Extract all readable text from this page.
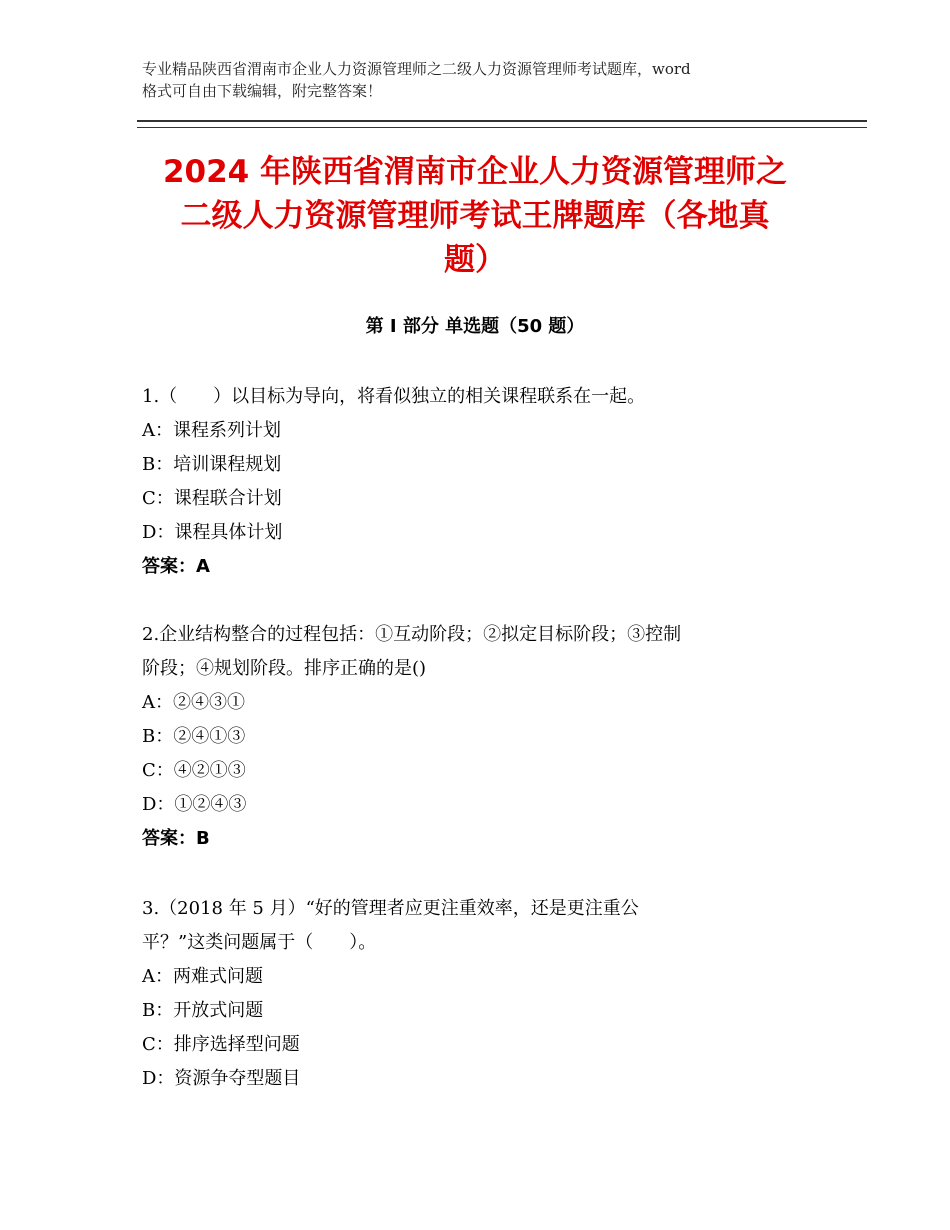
专业精品陕西省渭南市企业人力资源管理师之二级人力资源管理师考试题库，word
格式可自由下载编辑，附完整答案！
2024 年陕西省渭南市企业人力资源管理师之
二级人力资源管理师考试王牌题库（各地真
题）
第 I 部分 单选题（50 题）
1.（　　）以目标为导向，将看似独立的相关课程联系在一起。
A：课程系列计划
B：培训课程规划
C：课程联合计划
D：课程具体计划
答案：A
2.企业结构整合的过程包括：①互动阶段；②拟定目标阶段；③控制
阶段；④规划阶段。排序正确的是()
A：②④③①
B：②④①③
C：④②①③
D：①②④③
答案：B
3.（2018 年 5 月）“好的管理者应更注重效率，还是更注重公
平？”这类问题属于（　　）。
A：两难式问题
B：开放式问题
C：排序选择型问题
D：资源争夺型题目
